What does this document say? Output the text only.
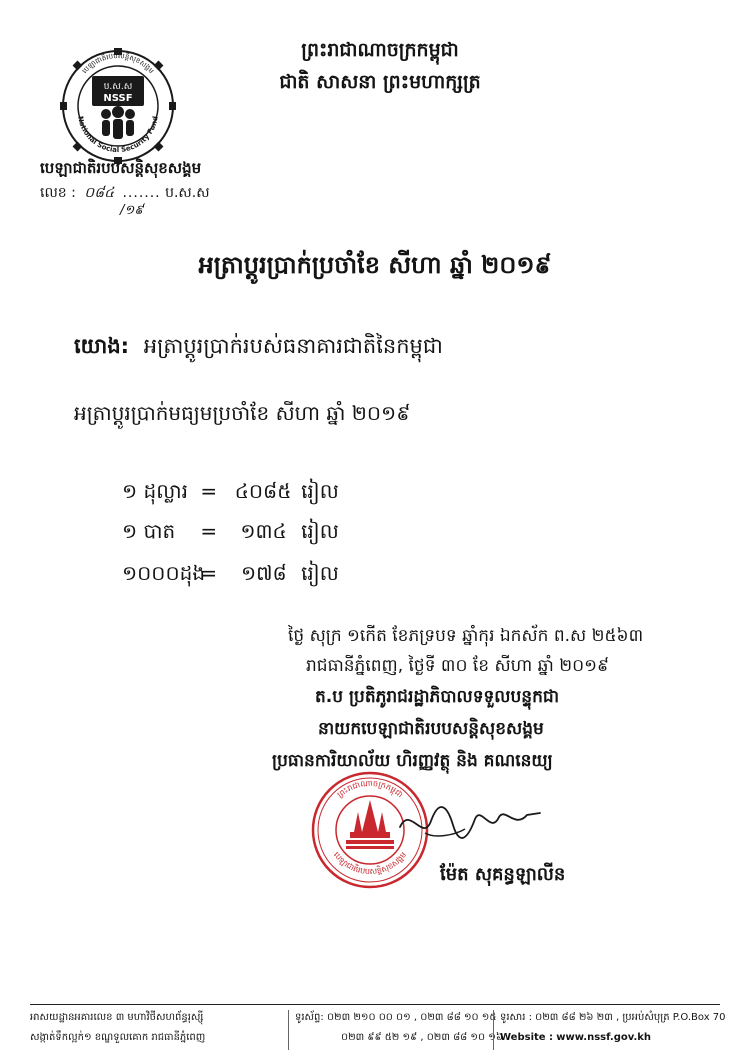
ព្រះរាជាណាចក្រកម្ពុជា
ជាតិ សាសនា ព្រះមហាក្សត្រ
ប.ស.ស
NSSF
National Social Security Fund
បេឡាជាតិរបបសន្តិសុខសង្គម
បេឡាជាតិរបបសន្តិសុខសង្គម
លេខ : ០៨៤ ....... ប.ស.ស
/១៩
អត្រាប្តូរប្រាក់ប្រចាំខែ សីហា ឆ្នាំ ២០១៩
យោង: អត្រាប្តូរប្រាក់របស់ធនាគារជាតិនៃកម្ពុជា
អត្រាប្តូរប្រាក់មធ្យមប្រចាំខែ សីហា ឆ្នាំ ២០១៩
១ ដុល្លារ = ៤០៨៥ រៀល
១ បាត = ១៣៤ រៀល
១០០០ដុង = ១៧៨ រៀល
ថ្ងៃ សុក្រ ១កើត ខែភទ្របទ ឆ្នាំកុរ ឯកស័ក ព.ស ២៥៦៣
រាជធានីភ្នំពេញ, ថ្ងៃទី ៣០ ខែ សីហា ឆ្នាំ ២០១៩
ត.ប ប្រតិភូរាជរដ្ឋាភិបាលទទួលបន្ទុកជា
នាយកបេឡាជាតិរបបសន្តិសុខសង្គម
ប្រធានការិយាល័យ ហិរញ្ញវត្ថុ និង គណនេយ្យ
ព្រះរាជាណាចក្រកម្ពុជា
បេឡាជាតិរបបសន្តិសុខសង្គម
ម៉ែត សុគន្ធឡាលីន
អាសយដ្ឋានអគារលេខ ៣ មហាវិថីសហព័ន្ធរុស្ស៊ី
សង្កាត់ទឹកល្អក់១ ខណ្ឌទួលគោក រាជធានីភ្នំពេញ
ទូរស័ព្ទ: ០២៣ ២១០ ០០ ០១ , ០២៣ ៨៨ ១០ ១៥
០២៣ ៩៩ ៥២ ១៩ , ០២៣ ៨៨ ១០ ១៦
ទូរសារ : ០២៣ ៨៨ ២៦ ២៣ , ប្រអប់សំបុត្រ P.O.Box 70
Website : www.nssf.gov.kh
